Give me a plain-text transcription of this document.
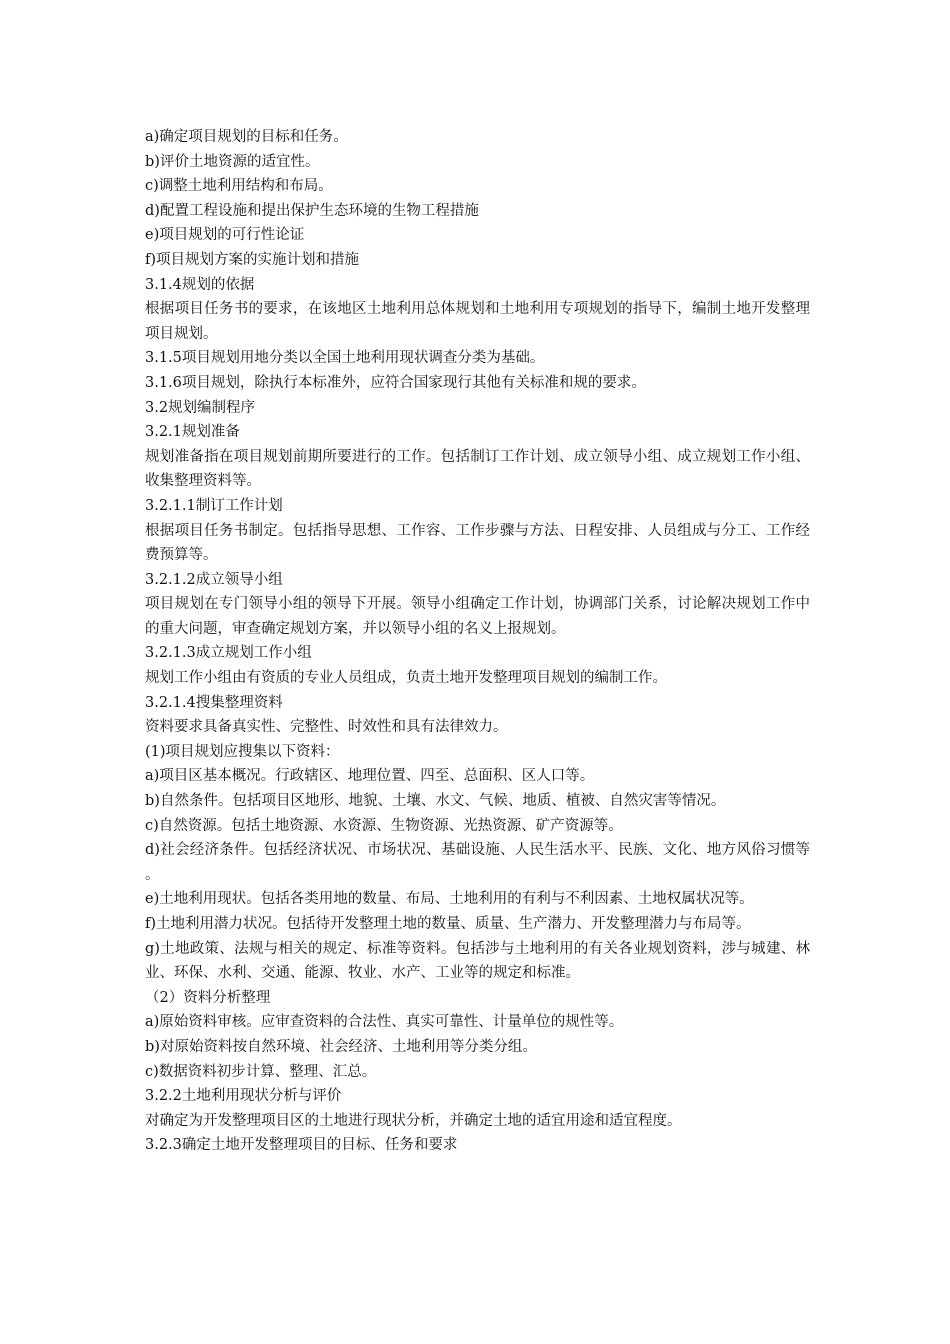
a)确定项目规划的目标和任务。
b)评价土地资源的适宜性。
c)调整土地利用结构和布局。
d)配置工程设施和提出保护生态环境的生物工程措施
e)项目规划的可行性论证
f)项目规划方案的实施计划和措施
3.1.4规划的依据
根据项目任务书的要求，在该地区土地利用总体规划和土地利用专项规划的指导下，编制土地开发整理项目规划。
3.1.5项目规划用地分类以全国土地利用现状调查分类为基础。
3.1.6项目规划，除执行本标准外，应符合国家现行其他有关标准和规的要求。
3.2规划编制程序
3.2.1规划准备
规划准备指在项目规划前期所要进行的工作。包括制订工作计划、成立领导小组、成立规划工作小组、收集整理资料等。
3.2.1.1制订工作计划
根据项目任务书制定。包括指导思想、工作容、工作步骤与方法、日程安排、人员组成与分工、工作经费预算等。
3.2.1.2成立领导小组
项目规划在专门领导小组的领导下开展。领导小组确定工作计划，协调部门关系，讨论解决规划工作中的重大问题，审查确定规划方案，并以领导小组的名义上报规划。
3.2.1.3成立规划工作小组
规划工作小组由有资质的专业人员组成，负责土地开发整理项目规划的编制工作。
3.2.1.4搜集整理资料
资料要求具备真实性、完整性、时效性和具有法律效力。
(1)项目规划应搜集以下资料：
a)项目区基本概况。行政辖区、地理位置、四至、总面积、区人口等。
b)自然条件。包括项目区地形、地貌、土壤、水文、气候、地质、植被、自然灾害等情况。
c)自然资源。包括土地资源、水资源、生物资源、光热资源、矿产资源等。
d)社会经济条件。包括经济状况、市场状况、基础设施、人民生活水平、民族、文化、地方风俗习惯等。
e)土地利用现状。包括各类用地的数量、布局、土地利用的有利与不利因素、土地权属状况等。
f)土地利用潜力状况。包括待开发整理土地的数量、质量、生产潜力、开发整理潜力与布局等。
g)土地政策、法规与相关的规定、标准等资料。包括涉与土地利用的有关各业规划资料，涉与城建、林业、环保、水利、交通、能源、牧业、水产、工业等的规定和标准。
（2）资料分析整理
a)原始资料审核。应审查资料的合法性、真实可靠性、计量单位的规性等。
b)对原始资料按自然环境、社会经济、土地利用等分类分组。
c)数据资料初步计算、整理、汇总。
3.2.2土地利用现状分析与评价
对确定为开发整理项目区的土地进行现状分析，并确定土地的适宜用途和适宜程度。
3.2.3确定土地开发整理项目的目标、任务和要求
